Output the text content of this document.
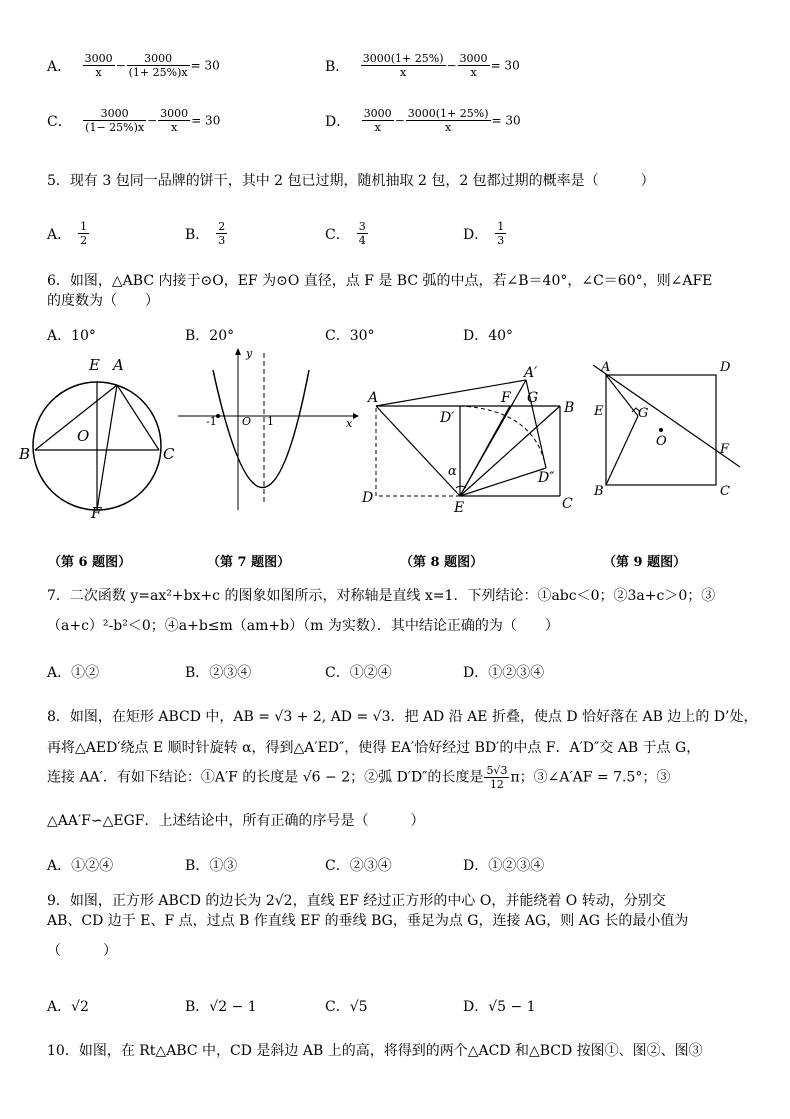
A． $\frac{3000}{x} - \frac{3000}{(1+ 25\%)x} = 30$	B． $\frac{3000(1+ 25\%)}{x} - \frac{3000}{x} = 30$
C． $\frac{3000}{(1- 25\%)x} - \frac{3000}{x} = 30$	D． $\frac{3000}{x} - \frac{3000(1+ 25\%)}{x} = 30$
5．现有 3 包同一品牌的饼干，其中 2 包已过期，随机抽取 2 包，2 包都过期的概率是（　　　）
A． $\frac{1}{2}$	B． $\frac{2}{3}$	C． $\frac{3}{4}$	D． $\frac{1}{3}$
6．如图，△ABC 内接于⊙O，EF 为⊙O 直径，点 F 是 BC 弧的中点，若∠B＝40°，∠C＝60°，则∠AFE
的度数为（　　）
A．10°	B．20°	C．30°	D．40°
E A
O
B	C
F
y
x
-1 O 1
A
A′
F G
B
D′
α	D″
D
E	C
A	D
E	G
O
F
B	C
（第 6 题图）	（第 7 题图）	（第 8 题图）	（第 9 题图）
7．二次函数 y=ax²+bx+c 的图象如图所示，对称轴是直线 x=1．下列结论：①abc＜0；②3a+c＞0；③
（a+c）²-b²＜0；④a+b≤m（am+b）（m 为实数）．其中结论正确的为（　　）
A．①②	B．②③④	C．①②④	D．①②③④
8．如图，在矩形 ABCD 中，AB = √3 + 2, AD = √3．把 AD 沿 AE 折叠，使点 D 恰好落在 AB 边上的 D’处，
再将△AED′绕点 E 顺时针旋转 α，得到△A′ED″，使得 EA′恰好经过 BD′的中点 F．A′D″交 AB 于点 G，
连接 AA′．有如下结论：①A′F 的长度是 √6 − 2；②弧 D′D″的长度是 $\frac{5√3}{12}$ π；③∠A′AF = 7.5°；③
△AA′F∽△EGF．上述结论中，所有正确的序号是（　　　）
A．①②④	B．①③	C．②③④	D．①②③④
9．如图，正方形 ABCD 的边长为 2√2，直线 EF 经过正方形的中心 O，并能绕着 O 转动，分别交
AB、CD 边于 E、F 点，过点 B 作直线 EF 的垂线 BG，垂足为点 G，连接 AG，则 AG 长的最小值为
（　　　）
A．√2	B．√2 − 1	C．√5	D．√5 − 1
10．如图，在 Rt△ABC 中，CD 是斜边 AB 上的高，将得到的两个△ACD 和△BCD 按图①、图②、图③
